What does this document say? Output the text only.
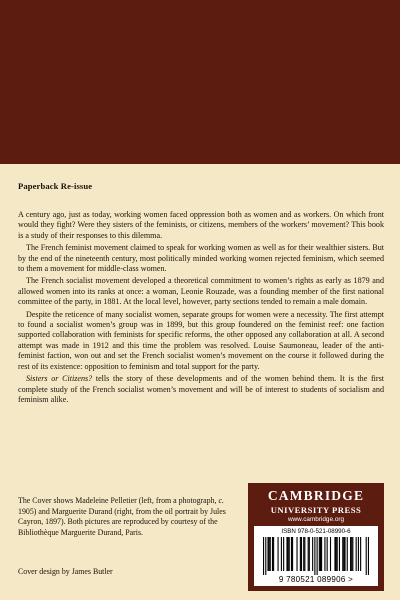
Paperback Re-issue

A century ago, just as today, working women faced oppression both as women and as workers. On which front would they fight? Were they sisters of the feminists, or citizens, members of the workers’ movement? This book is a study of their responses to this dilemma.

The French feminist movement claimed to speak for working women as well as for their wealthier sisters. But by the end of the nineteenth century, most politically minded working women rejected feminism, which seemed to them a movement for middle-class women.

The French socialist movement developed a theoretical commitment to women’s rights as early as 1879 and allowed women into its ranks at once: a woman, Leonie Rouzade, was a founding member of the first national committee of the party, in 1881. At the local level, however, party sections tended to remain a male domain.

Despite the reticence of many socialist women, separate groups for women were a necessity. The first attempt to found a socialist women’s group was in 1899, but this group foundered on the feminist reef: one faction supported collaboration with feminists for specific reforms, the other opposed any collaboration at all. A second attempt was made in 1912 and this time the problem was resolved. Louise Saumoneau, leader of the anti-feminist faction, won out and set the French socialist women’s movement on the course it followed during the rest of its existence: opposition to feminism and total support for the party.

Sisters or Citizens? tells the story of these developments and of the women behind them. It is the first complete study of the French socialist women’s movement and will be of interest to students of socialism and feminism alike.

The Cover shows Madeleine Pelletier (left, from a photograph, c. 1905) and Marguerite Durand (right, from the oil portrait by Jules Cayron, 1897). Both pictures are reproduced by courtesy of the Bibliothèque Marguerite Durand, Paris.
Cover design by James Butler
CAMBRIDGE
UNIVERSITY PRESS
www.cambridge.org
ISBN 978-0-521-08990-6
9 780521 089906 >
